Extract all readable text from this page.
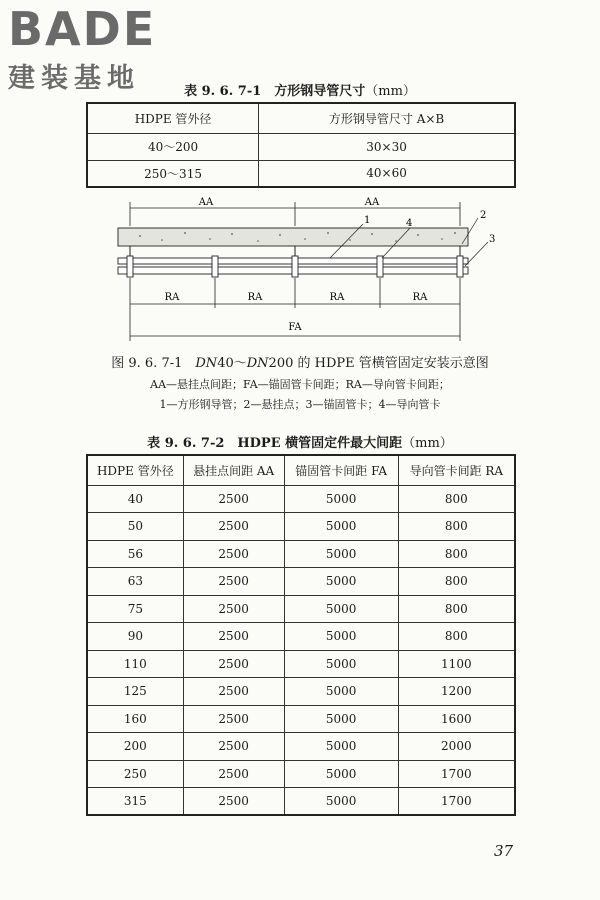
BADE
建装基地	表 9. 6. 7-1　方形钢导管尺寸（mm）
HDPE 管外径	方形钢导管尺寸 A×B
40～200	30×30
250～315	40×60
AA	AA
1	4
2
3
RA	RA	RA	RA
FA
图 9. 6. 7-1　DN40～DN200 的 HDPE 管横管固定安装示意图
AA—悬挂点间距；FA—锚固管卡间距；RA—导向管卡间距；
1—方形钢导管；2—悬挂点；3—锚固管卡；4—导向管卡
表 9. 6. 7-2　HDPE 横管固定件最大间距（mm）
HDPE 管外径	悬挂点间距 AA	锚固管卡间距 FA	导向管卡间距 RA
40	2500	5000	800
50	2500	5000	800
56	2500	5000	800
63	2500	5000	800
75	2500	5000	800
90	2500	5000	800
110	2500	5000	1100
125	2500	5000	1200
160	2500	5000	1600
200	2500	5000	2000
250	2500	5000	1700
315	2500	5000	1700
37
